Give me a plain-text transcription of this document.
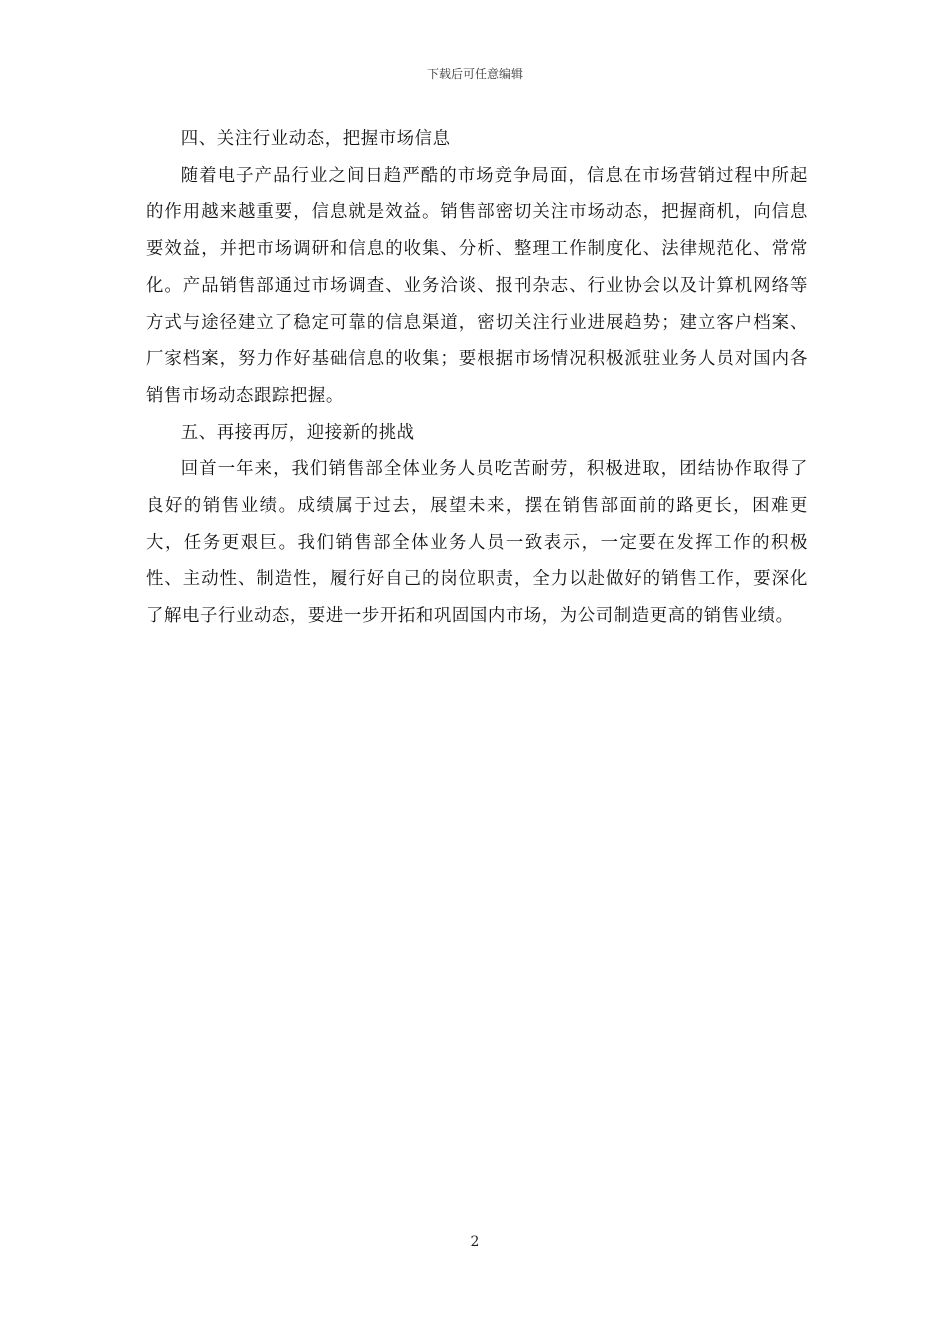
下载后可任意编辑

四、关注行业动态，把握市场信息

随着电子产品行业之间日趋严酷的市场竞争局面，信息在市场营销过程中所起的作用越来越重要，信息就是效益。销售部密切关注市场动态，把握商机，向信息要效益，并把市场调研和信息的收集、分析、整理工作制度化、法律规范化、常常化。产品销售部通过市场调查、业务洽谈、报刊杂志、行业协会以及计算机网络等方式与途径建立了稳定可靠的信息渠道，密切关注行业进展趋势；建立客户档案、厂家档案，努力作好基础信息的收集；要根据市场情况积极派驻业务人员对国内各销售市场动态跟踪把握。

五、再接再厉，迎接新的挑战

回首一年来，我们销售部全体业务人员吃苦耐劳，积极进取，团结协作取得了良好的销售业绩。成绩属于过去，展望未来，摆在销售部面前的路更长，困难更大，任务更艰巨。我们销售部全体业务人员一致表示，一定要在发挥工作的积极性、主动性、制造性，履行好自己的岗位职责，全力以赴做好的销售工作，要深化了解电子行业动态，要进一步开拓和巩固国内市场，为公司制造更高的销售业绩。

2
